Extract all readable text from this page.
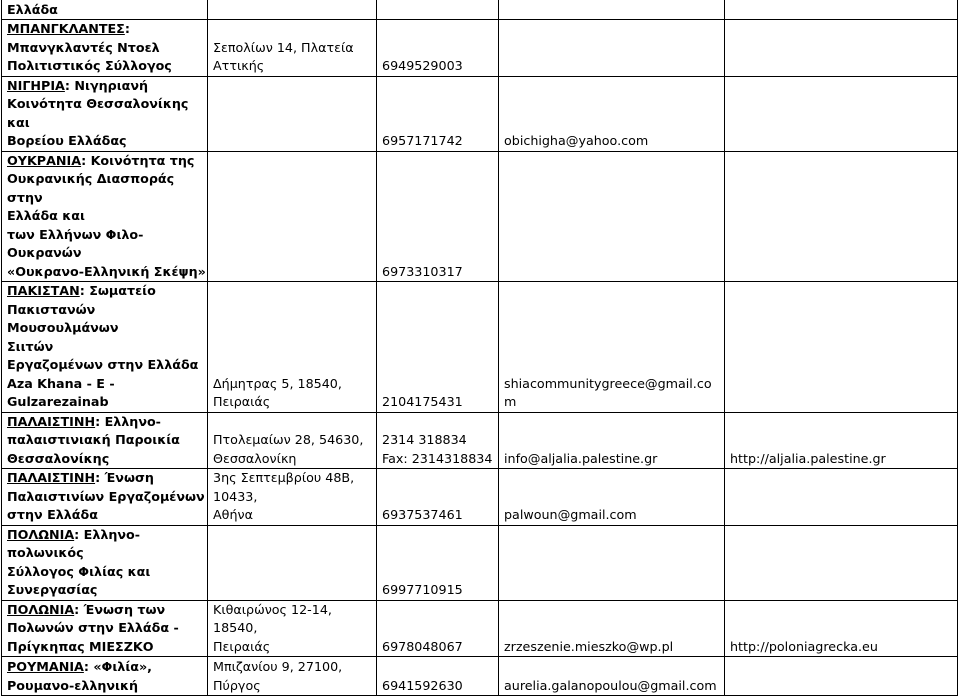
Ελλάδα				

ΜΠΑΝΓΚΛΑΝΤΕΣ:
Μπανγκλαντές Ντοελ
Πολιτιστικός Σύλλογος	Σεπολίων 14, Πλατεία
Αττικής	6949529003		

ΝΙΓΗΡΙΑ: Νιγηριανή
Κοινότητα Θεσσαλονίκης και
Βορείου Ελλάδας		6957171742	obichigha@yahoo.com	

ΟΥΚΡΑΝΙΑ: Κοινότητα της
Ουκρανικής Διασποράς στην
Ελλάδα και
των Ελλήνων Φιλο-Ουκρανών
«Ουκρανο-Ελληνική Σκέψη»		6973310317		

ΠΑΚΙΣΤΑΝ: Σωματείο
Πακιστανών Μουσουλμάνων
Σιιτών
Εργαζομένων στην Ελλάδα
Aza Khana - E - Gulzarezainab	Δήμητρας 5, 18540,
Πειραιάς	2104175431	shiacommunitygreece@gmail.co
m	

ΠΑΛΑΙΣΤΙΝΗ: Ελληνο-
παλαιστινιακή Παροικία
Θεσσαλονίκης	Πτολεμαίων 28, 54630,
Θεσσαλονίκη	2314 318834
Fax: 2314318834	info@aljalia.palestine.gr	http://aljalia.palestine.gr

ΠΑΛΑΙΣΤΙΝΗ: Ένωση
Παλαιστινίων Εργαζομένων
στην Ελλάδα	3ης Σεπτεμβρίου 48Β,
10433,
Αθήνα	6937537461	palwoun@gmail.com	

ΠΟΛΩΝΙΑ: Ελληνο-πολωνικός
Σύλλογος Φιλίας και
Συνεργασίας		6997710915		

ΠΟΛΩΝΙΑ: Ένωση των
Πολωνών στην Ελλάδα -
Πρίγκηπας ΜΙΕΣΖΚΟ	Κιθαιρώνος 12-14,
18540,
Πειραιάς	6978048067	zrzeszenie.mieszko@wp.pl	http://poloniagrecka.eu

ΡΟΥΜΑΝΙΑ: «Φιλία»,
Ρουμανο-ελληνική	Μπιζανίου 9, 27100,
Πύργος	6941592630	aurelia.galanopoulou@gmail.com	
